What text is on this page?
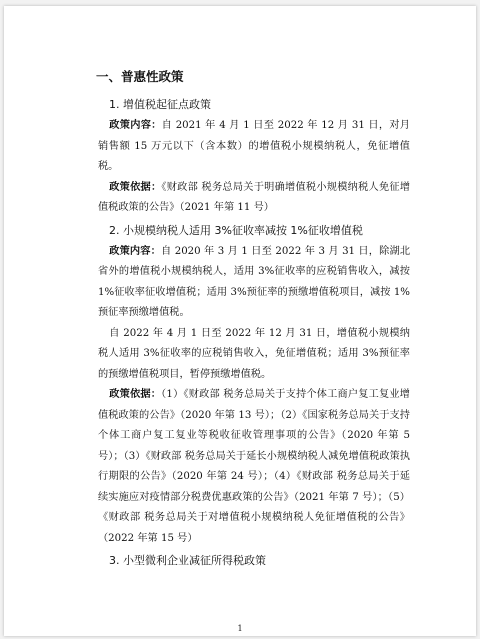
一、普惠性政策

1. 增值税起征点政策

政策内容：自 2021 年 4 月 1 日至 2022 年 12 月 31 日，对月销售额 15 万元以下（含本数）的增值税小规模纳税人，免征增值税。

政策依据：《财政部 税务总局关于明确增值税小规模纳税人免征增值税政策的公告》（2021 年第 11 号）

2. 小规模纳税人适用 3%征收率减按 1%征收增值税

政策内容：自 2020 年 3 月 1 日至 2022 年 3 月 31 日，除湖北省外的增值税小规模纳税人，适用 3%征收率的应税销售收入，减按 1%征收率征收增值税；适用 3%预征率的预缴增值税项目，减按 1%预征率预缴增值税。

自 2022 年 4 月 1 日至 2022 年 12 月 31 日，增值税小规模纳税人适用 3%征收率的应税销售收入，免征增值税；适用 3%预征率的预缴增值税项目，暂停预缴增值税。

政策依据：（1）《财政部 税务总局关于支持个体工商户复工复业增值税政策的公告》（2020 年第 13 号）；（2）《国家税务总局关于支持个体工商户复工复业等税收征收管理事项的公告》（2020 年第 5 号）；（3）《财政部 税务总局关于延长小规模纳税人减免增值税政策执行期限的公告》（2020 年第 24 号）；（4）《财政部 税务总局关于延续实施应对疫情部分税费优惠政策的公告》（2021 年第 7 号）；（5）《财政部 税务总局关于对增值税小规模纳税人免征增值税的公告》（2022 年第 15 号）

3. 小型微利企业减征所得税政策

1
